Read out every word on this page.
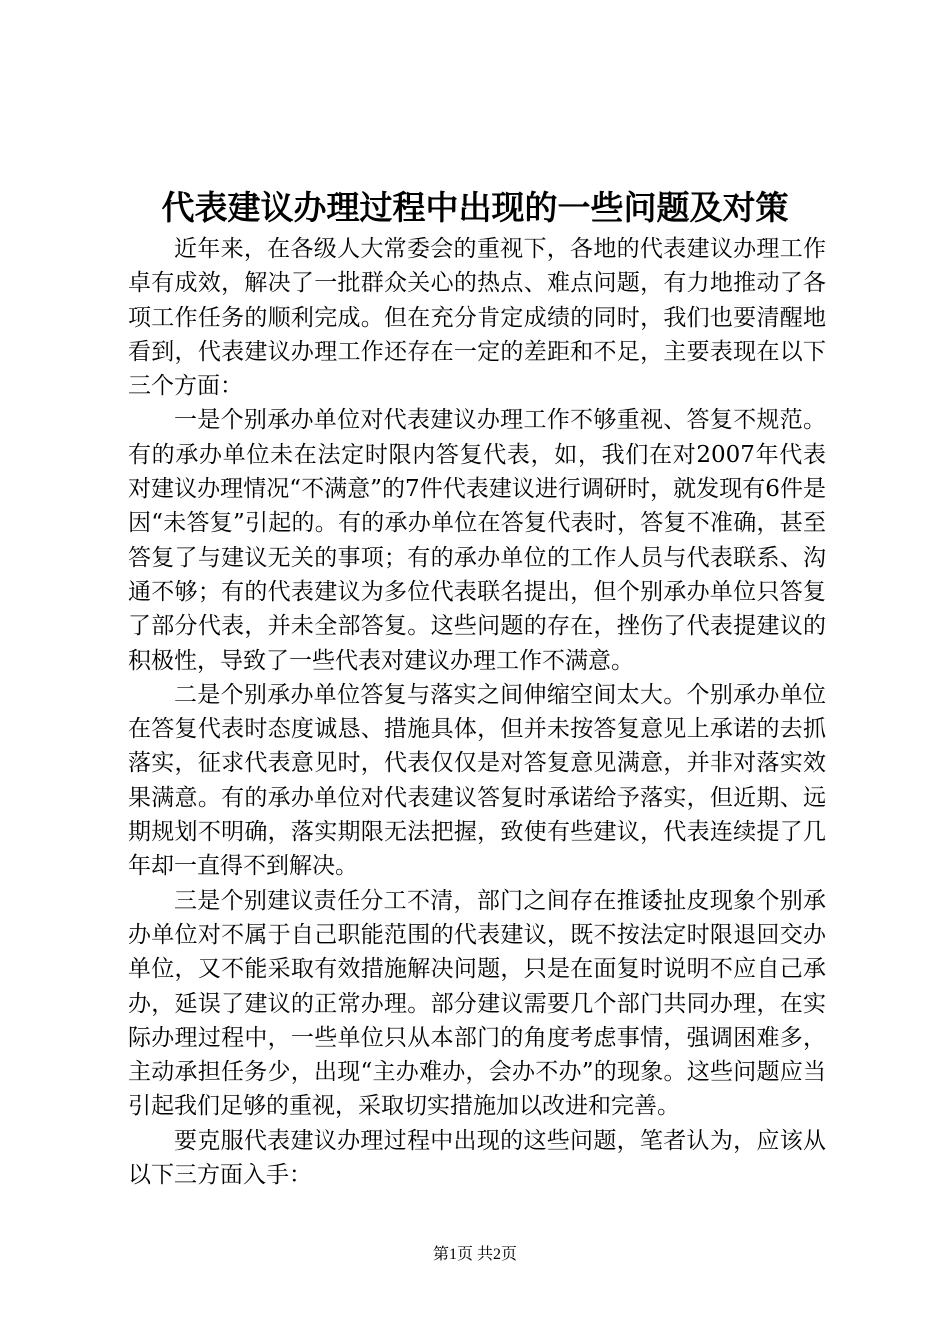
代表建议办理过程中出现的一些问题及对策

近年来，在各级人大常委会的重视下，各地的代表建议办理工作卓有成效，解决了一批群众关心的热点、难点问题，有力地推动了各项工作任务的顺利完成。但在充分肯定成绩的同时，我们也要清醒地看到，代表建议办理工作还存在一定的差距和不足，主要表现在以下三个方面：

一是个别承办单位对代表建议办理工作不够重视、答复不规范。有的承办单位未在法定时限内答复代表，如，我们在对2007年代表对建议办理情况“不满意”的7件代表建议进行调研时，就发现有6件是因“未答复”引起的。有的承办单位在答复代表时，答复不准确，甚至答复了与建议无关的事项；有的承办单位的工作人员与代表联系、沟通不够；有的代表建议为多位代表联名提出，但个别承办单位只答复了部分代表，并未全部答复。这些问题的存在，挫伤了代表提建议的积极性，导致了一些代表对建议办理工作不满意。

二是个别承办单位答复与落实之间伸缩空间太大。个别承办单位在答复代表时态度诚恳、措施具体，但并未按答复意见上承诺的去抓落实，征求代表意见时，代表仅仅是对答复意见满意，并非对落实效果满意。有的承办单位对代表建议答复时承诺给予落实，但近期、远期规划不明确，落实期限无法把握，致使有些建议，代表连续提了几年却一直得不到解决。

三是个别建议责任分工不清，部门之间存在推诿扯皮现象个别承办单位对不属于自己职能范围的代表建议，既不按法定时限退回交办单位，又不能采取有效措施解决问题，只是在面复时说明不应自己承办，延误了建议的正常办理。部分建议需要几个部门共同办理，在实际办理过程中，一些单位只从本部门的角度考虑事情，强调困难多，主动承担任务少，出现“主办难办，会办不办”的现象。这些问题应当引起我们足够的重视，采取切实措施加以改进和完善。

要克服代表建议办理过程中出现的这些问题，笔者认为，应该从以下三方面入手：

第1页 共2页
